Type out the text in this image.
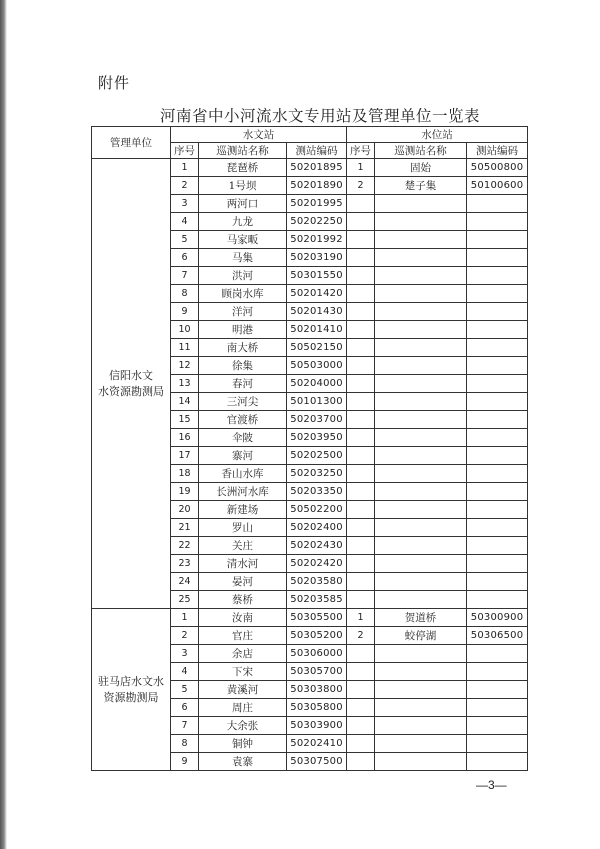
附件
河南省中小河流水文专用站及管理单位一览表
管理单位	水文站			水位站		
	序号	巡测站名称	测站编码	序号	巡测站名称	测站编码

信阳水文
水资源勘测局	1	琵琶桥	50201895	1	固始	50500800
	2	1号坝	50201890	2	楚子集	50100600
	3	两河口	50201995			
	4	九龙	50202250			
	5	马家畈	50201992			
	6	马集	50203190			
	7	洪河	50301550			
	8	顾岗水库	50201420			
	9	洋河	50201430			
	10	明港	50201410			
	11	南大桥	50502150			
	12	徐集	50503000			
	13	春河	50204000			
	14	三河尖	50101300			
	15	官渡桥	50203700			
	16	伞陂	50203950			
	17	寨河	50202500			
	18	香山水库	50203250			
	19	长洲河水库	50203350			
	20	新建场	50502200			
	21	罗山	50202400			
	22	关庄	50202430			
	23	清水河	50202420			
	24	晏河	50203580			
	25	蔡桥	50203585			

驻马店水文水
资源勘测局	1	汝南	50305500	1	贺道桥	50300900
	2	官庄	50305200	2	蛟停湖	50306500
	3	余店	50306000			
	4	下宋	50305700			
	5	黄溪河	50303800			
	6	周庄	50305800			
	7	大余张	50303900			
	8	铜钟	50202410			
	9	袁寨	50307500			
—3—
